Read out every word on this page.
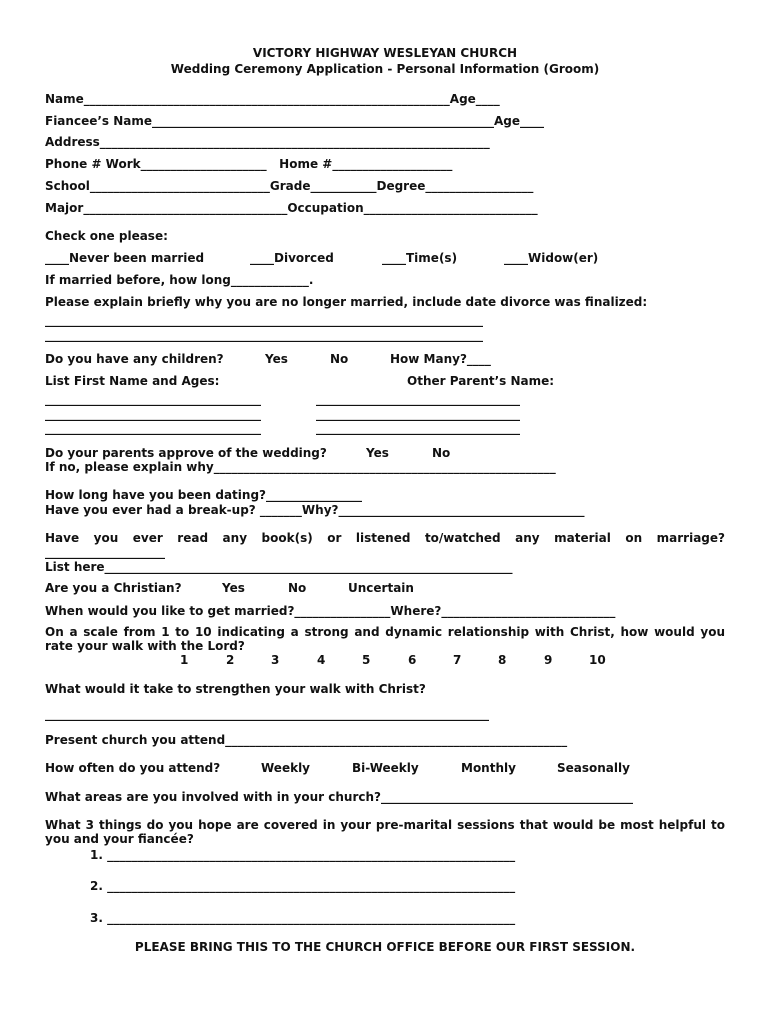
VICTORY HIGHWAY WESLEYAN CHURCH
Wedding Ceremony Application - Personal Information (Groom)
Name_____________________________________________________________Age____
Fiancee’s Name_________________________________________________________Age____
Address_________________________________________________________________
Phone # Work_____________________   Home #____________________
School______________________________Grade___________Degree__________________
Major__________________________________Occupation_____________________________
Check one please:
____Never been married	____Divorced	____Time(s)	____Widow(er)
If married before, how long_____________.
Please explain briefly why you are no longer married, include date divorce was finalized:
_________________________________________________________________________
_________________________________________________________________________
Do you have any children?	Yes	No	How Many?____
List First Name and Ages:	Other Parent’s Name:
____________________________________	__________________________________
____________________________________	__________________________________
____________________________________	__________________________________
Do your parents approve of the wedding?	Yes	No
If no, please explain why_________________________________________________________
How long have you been dating?________________
Have you ever had a break-up? _______Why?_________________________________________
Have you ever read any book(s) or listened to/watched any material on marriage?
____________________
List here____________________________________________________________________
Are you a Christian?	Yes	No	Uncertain
When would you like to get married?________________Where?_____________________________
On a scale from 1 to 10 indicating a strong and dynamic relationship with Christ, how would you
rate your walk with the Lord?
1	2	3	4	5	6	7	8	9	10
What would it take to strengthen your walk with Christ?
__________________________________________________________________________
Present church you attend_________________________________________________________
How often do you attend?	Weekly	Bi-Weekly	Monthly	Seasonally
What areas are you involved with in your church?__________________________________________
What 3 things do you hope are covered in your pre-marital sessions that would be most helpful to
you and your fiancée?
1. ____________________________________________________________________
2. ____________________________________________________________________
3. ____________________________________________________________________
PLEASE BRING THIS TO THE CHURCH OFFICE BEFORE OUR FIRST SESSION.
